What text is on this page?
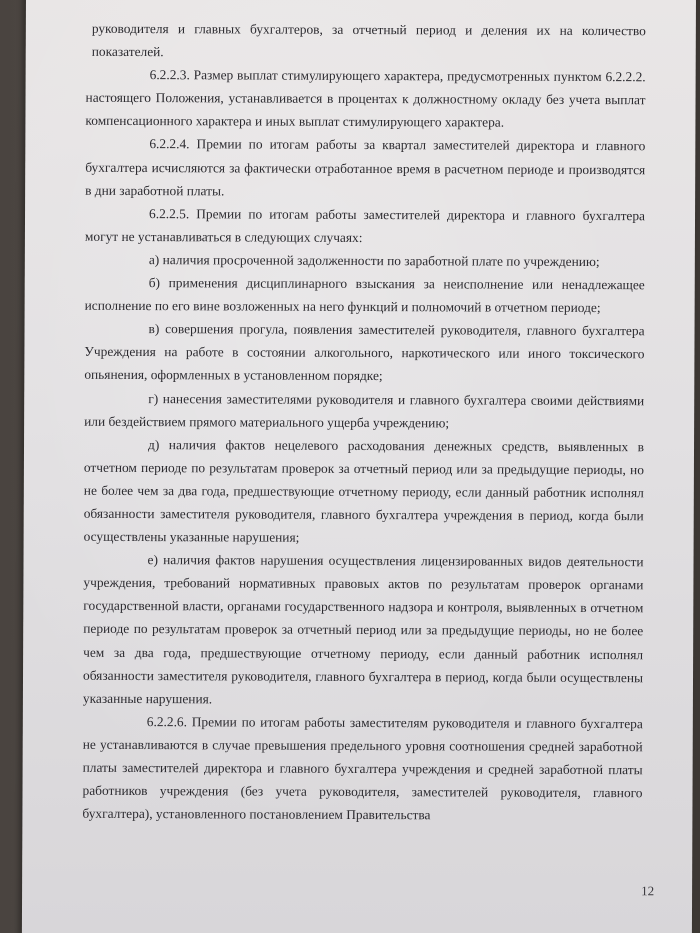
руководителя и главных бухгалтеров, за отчетный период и деления их на количество показателей.

6.2.2.3. Размер выплат стимулирующего характера, предусмотренных пунктом 6.2.2.2. настоящего Положения, устанавливается в процентах к должностному окладу без учета выплат компенсационного характера и иных выплат стимулирующего характера.

6.2.2.4. Премии по итогам работы за квартал заместителей директора и главного бухгалтера исчисляются за фактически отработанное время в расчетном периоде и производятся в дни заработной платы.

6.2.2.5. Премии по итогам работы заместителей директора и главного бухгалтера могут не устанавливаться в следующих случаях:

а) наличия просроченной задолженности по заработной плате по учреждению;

б) применения дисциплинарного взыскания за неисполнение или ненадлежащее исполнение по его вине возложенных на него функций и полномочий в отчетном периоде;

в) совершения прогула, появления заместителей руководителя, главного бухгалтера Учреждения на работе в состоянии алкогольного, наркотического или иного токсического опьянения, оформленных в установленном порядке;

г) нанесения заместителями руководителя и главного бухгалтера своими действиями или бездействием прямого материального ущерба учреждению;

д) наличия фактов нецелевого расходования денежных средств, выявленных в отчетном периоде по результатам проверок за отчетный период или за предыдущие периоды, но не более чем за два года, предшествующие отчетному периоду, если данный работник исполнял обязанности заместителя руководителя, главного бухгалтера учреждения в период, когда были осуществлены указанные нарушения;

е) наличия фактов нарушения осуществления лицензированных видов деятельности учреждения, требований нормативных правовых актов по результатам проверок органами государственной власти, органами государственного надзора и контроля, выявленных в отчетном периоде по результатам проверок за отчетный период или за предыдущие периоды, но не более чем за два года, предшествующие отчетному периоду, если данный работник исполнял обязанности заместителя руководителя, главного бухгалтера в период, когда были осуществлены указанные нарушения.

6.2.2.6. Премии по итогам работы заместителям руководителя и главного бухгалтера не устанавливаются в случае превышения предельного уровня соотношения средней заработной платы заместителей директора и главного бухгалтера учреждения и средней заработной платы работников учреждения (без учета руководителя, заместителей руководителя, главного бухгалтера), установленного постановлением Правительства

12
